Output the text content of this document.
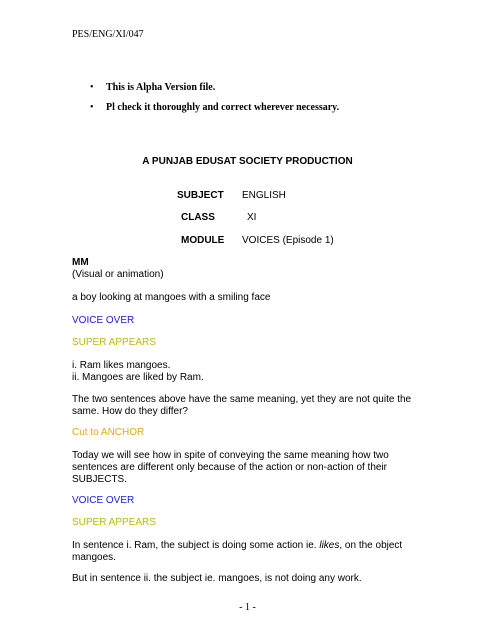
PES/ENG/XI/047
• This is Alpha Version file.
• Pl check it thoroughly and correct wherever necessary.
A PUNJAB EDUSAT SOCIETY PRODUCTION
SUBJECT ENGLISH
CLASS	XI
MODULE VOICES (Episode 1)
MM
(Visual or animation)
a boy looking at mangoes with a smiling face
VOICE OVER
SUPER APPEARS
i. Ram likes mangoes.
ii. Mangoes are liked by Ram.
The two sentences above have the same meaning, yet they are not quite the
same. How do they differ?
Cut to ANCHOR
Today we will see how in spite of conveying the same meaning how two
sentences are different only because of the action or non-action of their
SUBJECTS.
VOICE OVER
SUPER APPEARS
In sentence i. Ram, the subject is doing some action ie. likes, on the object
mangoes.
But in sentence ii. the subject ie. mangoes, is not doing any work.
- 1 -
